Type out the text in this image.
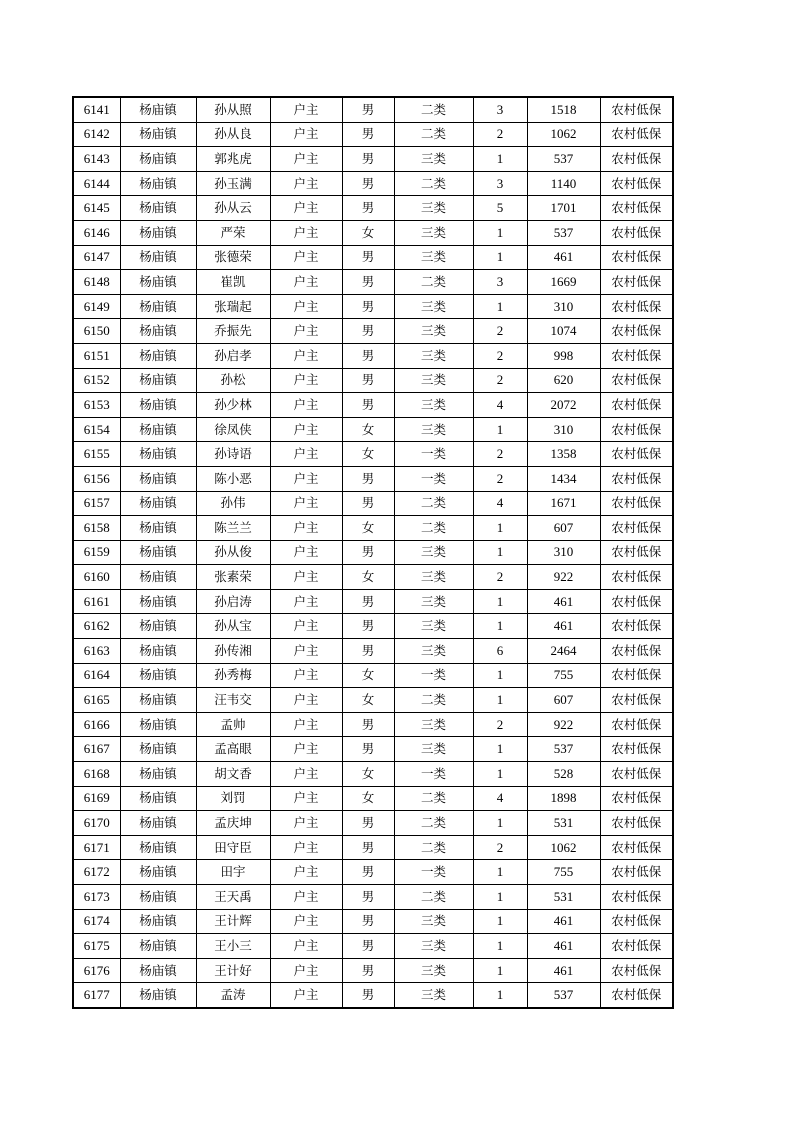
6141	杨庙镇	孙从照	户主	男	二类	3	1518	农村低保
6142	杨庙镇	孙从良	户主	男	二类	2	1062	农村低保
6143	杨庙镇	郭兆虎	户主	男	三类	1	537	农村低保
6144	杨庙镇	孙玉满	户主	男	二类	3	1140	农村低保
6145	杨庙镇	孙从云	户主	男	三类	5	1701	农村低保
6146	杨庙镇	严荣	户主	女	三类	1	537	农村低保
6147	杨庙镇	张德荣	户主	男	三类	1	461	农村低保
6148	杨庙镇	崔凯	户主	男	二类	3	1669	农村低保
6149	杨庙镇	张瑞起	户主	男	三类	1	310	农村低保
6150	杨庙镇	乔振先	户主	男	三类	2	1074	农村低保
6151	杨庙镇	孙启孝	户主	男	三类	2	998	农村低保
6152	杨庙镇	孙松	户主	男	三类	2	620	农村低保
6153	杨庙镇	孙少林	户主	男	三类	4	2072	农村低保
6154	杨庙镇	徐凤侠	户主	女	三类	1	310	农村低保
6155	杨庙镇	孙诗语	户主	女	一类	2	1358	农村低保
6156	杨庙镇	陈小恶	户主	男	一类	2	1434	农村低保
6157	杨庙镇	孙伟	户主	男	二类	4	1671	农村低保
6158	杨庙镇	陈兰兰	户主	女	二类	1	607	农村低保
6159	杨庙镇	孙从俊	户主	男	三类	1	310	农村低保
6160	杨庙镇	张素荣	户主	女	三类	2	922	农村低保
6161	杨庙镇	孙启涛	户主	男	三类	1	461	农村低保
6162	杨庙镇	孙从宝	户主	男	三类	1	461	农村低保
6163	杨庙镇	孙传湘	户主	男	三类	6	2464	农村低保
6164	杨庙镇	孙秀梅	户主	女	一类	1	755	农村低保
6165	杨庙镇	汪韦交	户主	女	二类	1	607	农村低保
6166	杨庙镇	孟帅	户主	男	三类	2	922	农村低保
6167	杨庙镇	孟高眼	户主	男	三类	1	537	农村低保
6168	杨庙镇	胡文香	户主	女	一类	1	528	农村低保
6169	杨庙镇	刘罚	户主	女	二类	4	1898	农村低保
6170	杨庙镇	孟庆坤	户主	男	二类	1	531	农村低保
6171	杨庙镇	田守臣	户主	男	二类	2	1062	农村低保
6172	杨庙镇	田宇	户主	男	一类	1	755	农村低保
6173	杨庙镇	王天禹	户主	男	二类	1	531	农村低保
6174	杨庙镇	王计辉	户主	男	三类	1	461	农村低保
6175	杨庙镇	王小三	户主	男	三类	1	461	农村低保
6176	杨庙镇	王计好	户主	男	三类	1	461	农村低保
6177	杨庙镇	孟涛	户主	男	三类	1	537	农村低保
